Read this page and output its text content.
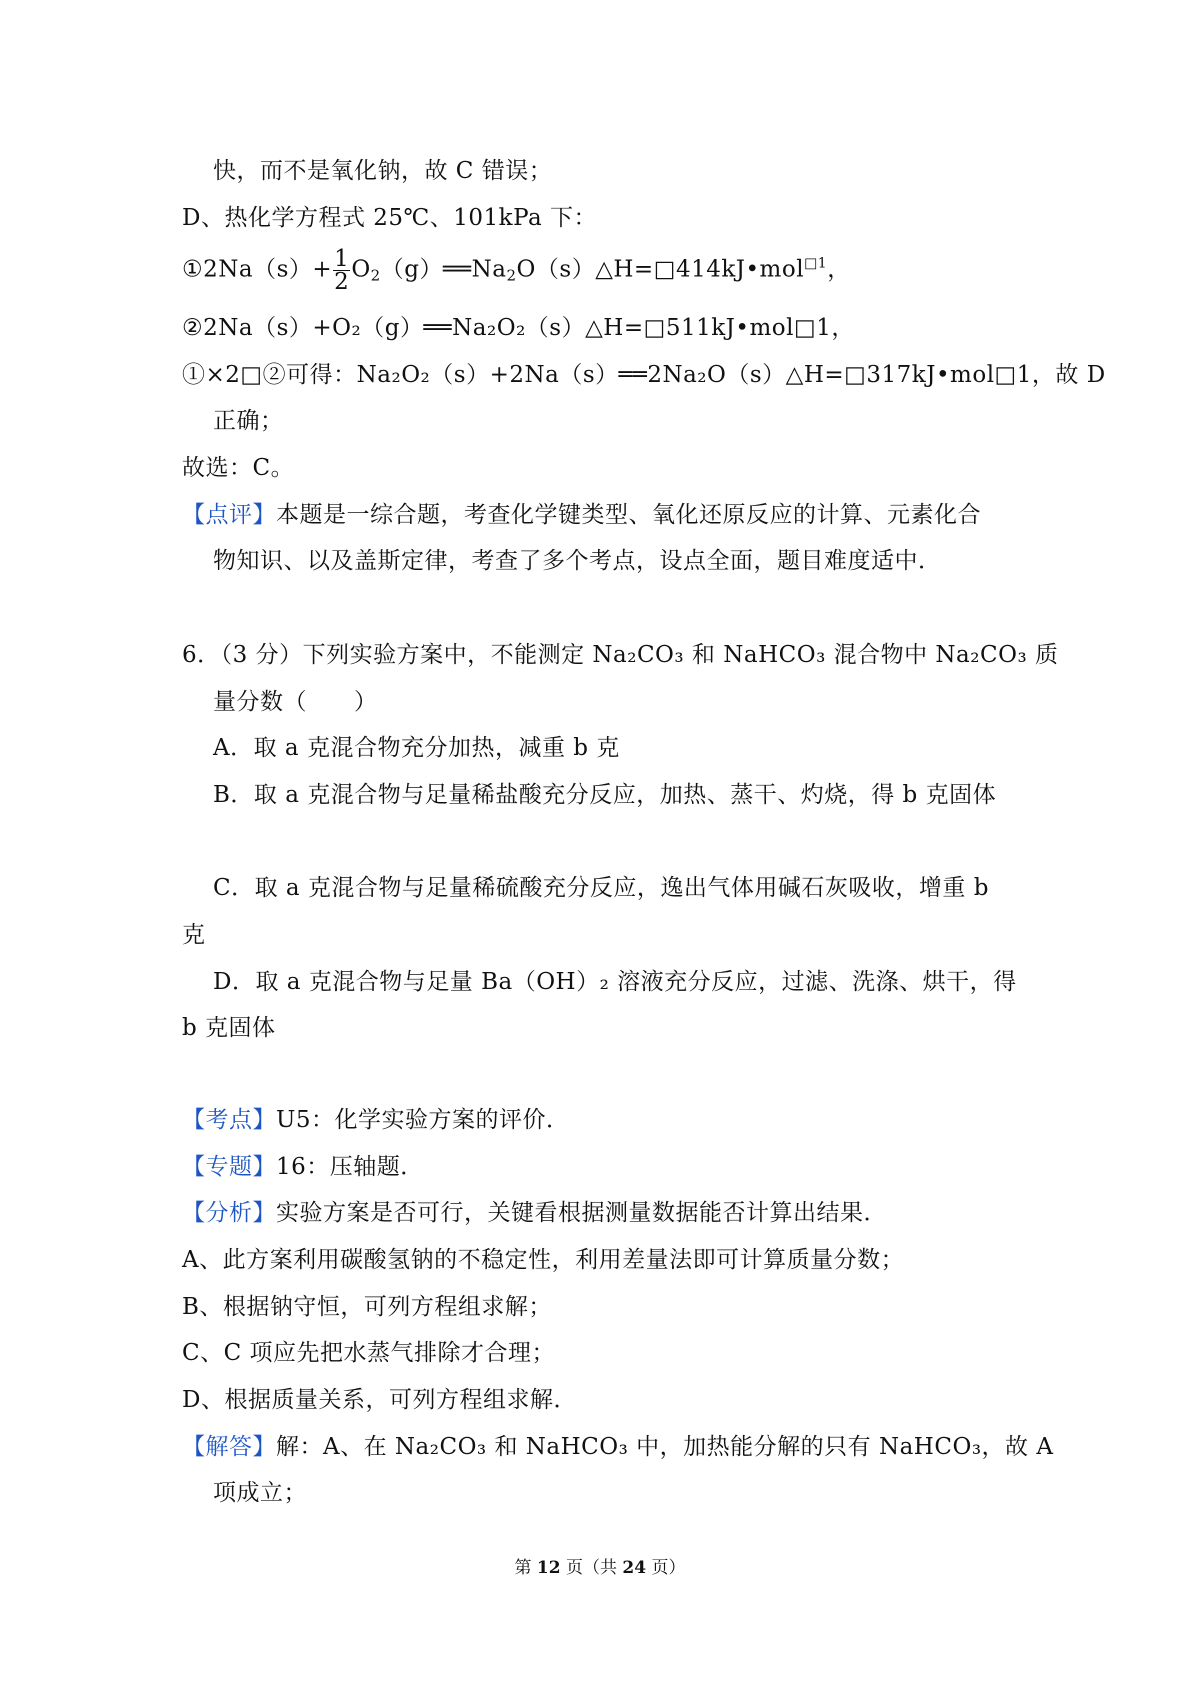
快，而不是氧化钠，故 C 错误；
D、热化学方程式 25℃、101kPa 下：
①2Na（s）+ $\frac{1}{2}$ $O_2(g)══Na_2O(s)\triangle H=□414kJ•mol^{□1}$，
②2Na（s）+O₂（g）══Na₂O₂（s）△H=□511kJ•mol□1，
①×2□②可得：Na₂O₂（s）+2Na（s）══2Na₂O（s）△H=□317kJ•mol□1，故 D
正确；
故选：C。
【点评】本题是一综合题，考查化学键类型、氧化还原反应的计算、元素化合
物知识、以及盖斯定律，考查了多个考点，设点全面，题目难度适中．
6．（3 分）下列实验方案中，不能测定 Na₂CO₃ 和 NaHCO₃ 混合物中 Na₂CO₃ 质
量分数（　　）
A．取 a 克混合物充分加热，减重 b 克
B．取 a 克混合物与足量稀盐酸充分反应，加热、蒸干、灼烧，得 b 克固体
C．取 a 克混合物与足量稀硫酸充分反应，逸出气体用碱石灰吸收，增重 b
克
D．取 a 克混合物与足量 Ba（OH）₂ 溶液充分反应，过滤、洗涤、烘干，得
b 克固体
【考点】U5：化学实验方案的评价．
【专题】16：压轴题．
【分析】实验方案是否可行，关键看根据测量数据能否计算出结果．
A、此方案利用碳酸氢钠的不稳定性，利用差量法即可计算质量分数；
B、根据钠守恒，可列方程组求解；
C、C 项应先把水蒸气排除才合理；
D、根据质量关系，可列方程组求解．
【解答】解：A、在 Na₂CO₃ 和 NaHCO₃ 中，加热能分解的只有 NaHCO₃，故 A
项成立；
第 12 页（共 24 页）
